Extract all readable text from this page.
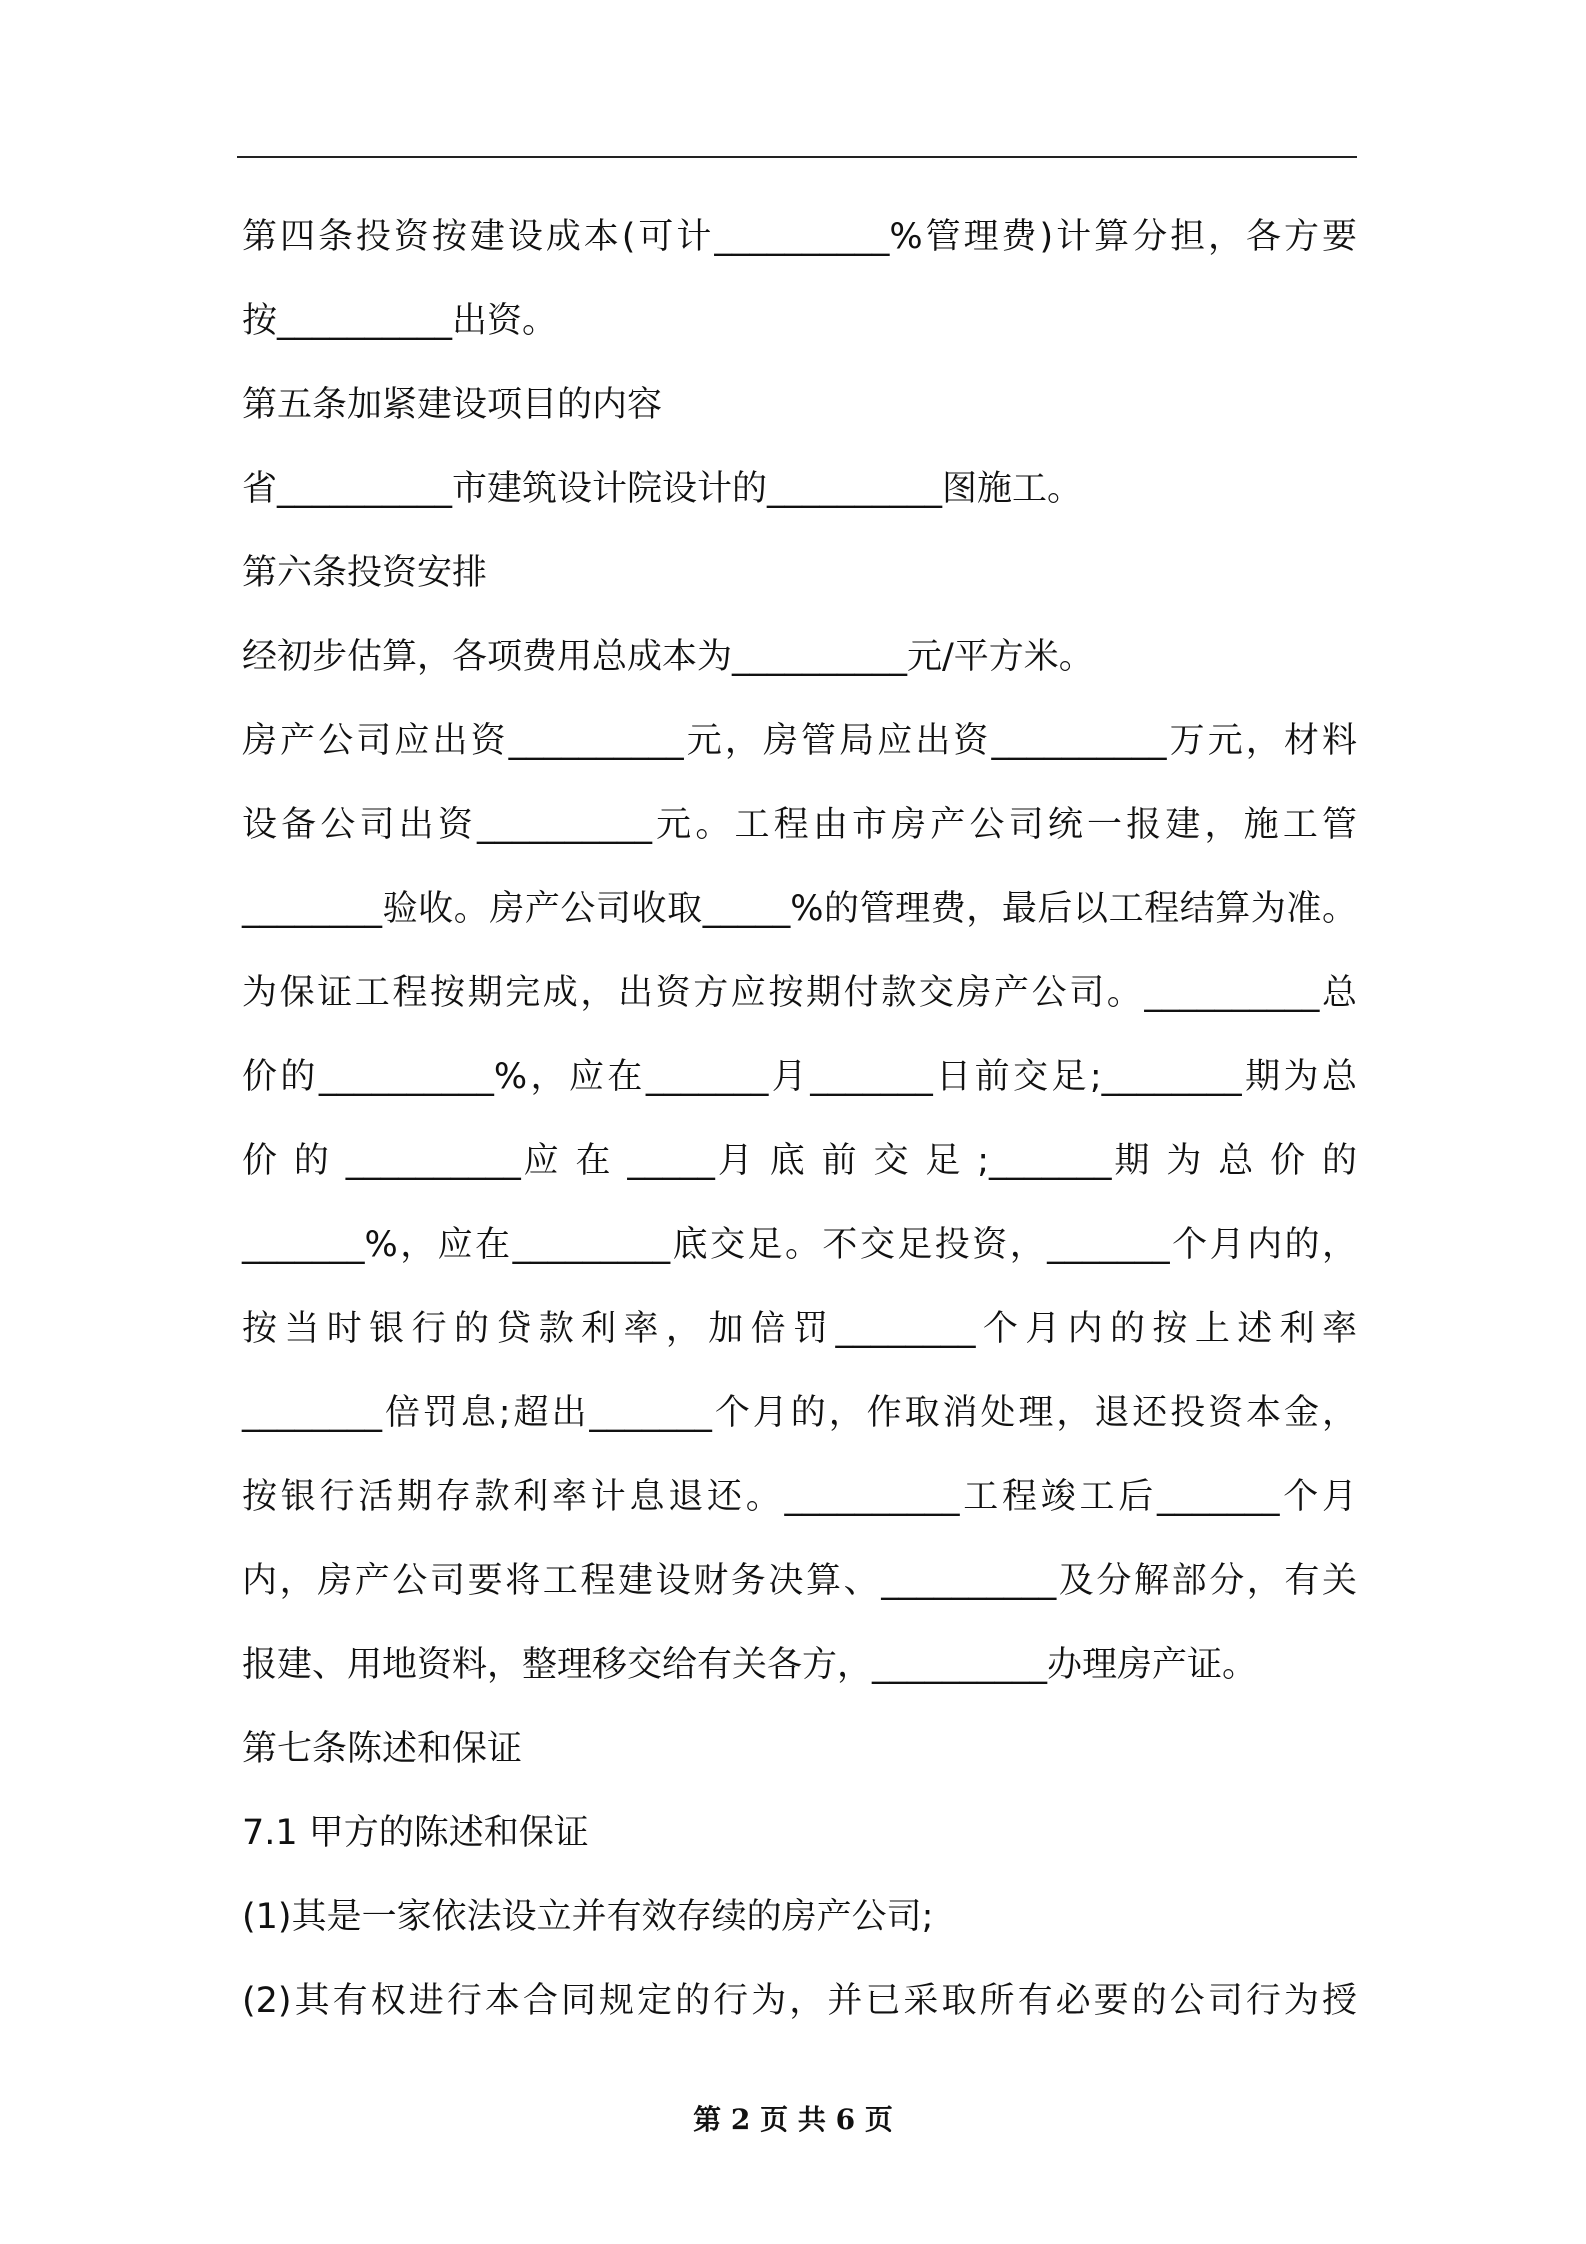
第四条投资按建设成本(可计__________%管理费)计算分担，各方要
按__________出资。
第五条加紧建设项目的内容
省__________市建筑设计院设计的__________图施工。
第六条投资安排
经初步估算，各项费用总成本为__________元/平方米。
房产公司应出资__________元，房管局应出资__________万元，材料
设备公司出资__________元。工程由市房产公司统一报建，施工管
________验收。房产公司收取_____%的管理费，最后以工程结算为准。
为保证工程按期完成，出资方应按期付款交房产公司。__________总
价的__________%，应在_______月_______日前交足;________期为总
价 的 __________应 在 _____月 底 前 交 足 ;_______期 为 总 价 的
_______%，应在_________底交足。不交足投资，_______个月内的，
按当时银行的贷款利率，加倍罚________个月内的按上述利率
________倍罚息;超出_______个月的，作取消处理，退还投资本金，
按银行活期存款利率计息退还。__________工程竣工后_______个月
内，房产公司要将工程建设财务决算、__________及分解部分，有关
报建、用地资料，整理移交给有关各方，__________办理房产证。
第七条陈述和保证
7.1 甲方的陈述和保证
(1)其是一家依法设立并有效存续的房产公司;
(2)其有权进行本合同规定的行为，并已采取所有必要的公司行为授
第 2 页 共 6 页
